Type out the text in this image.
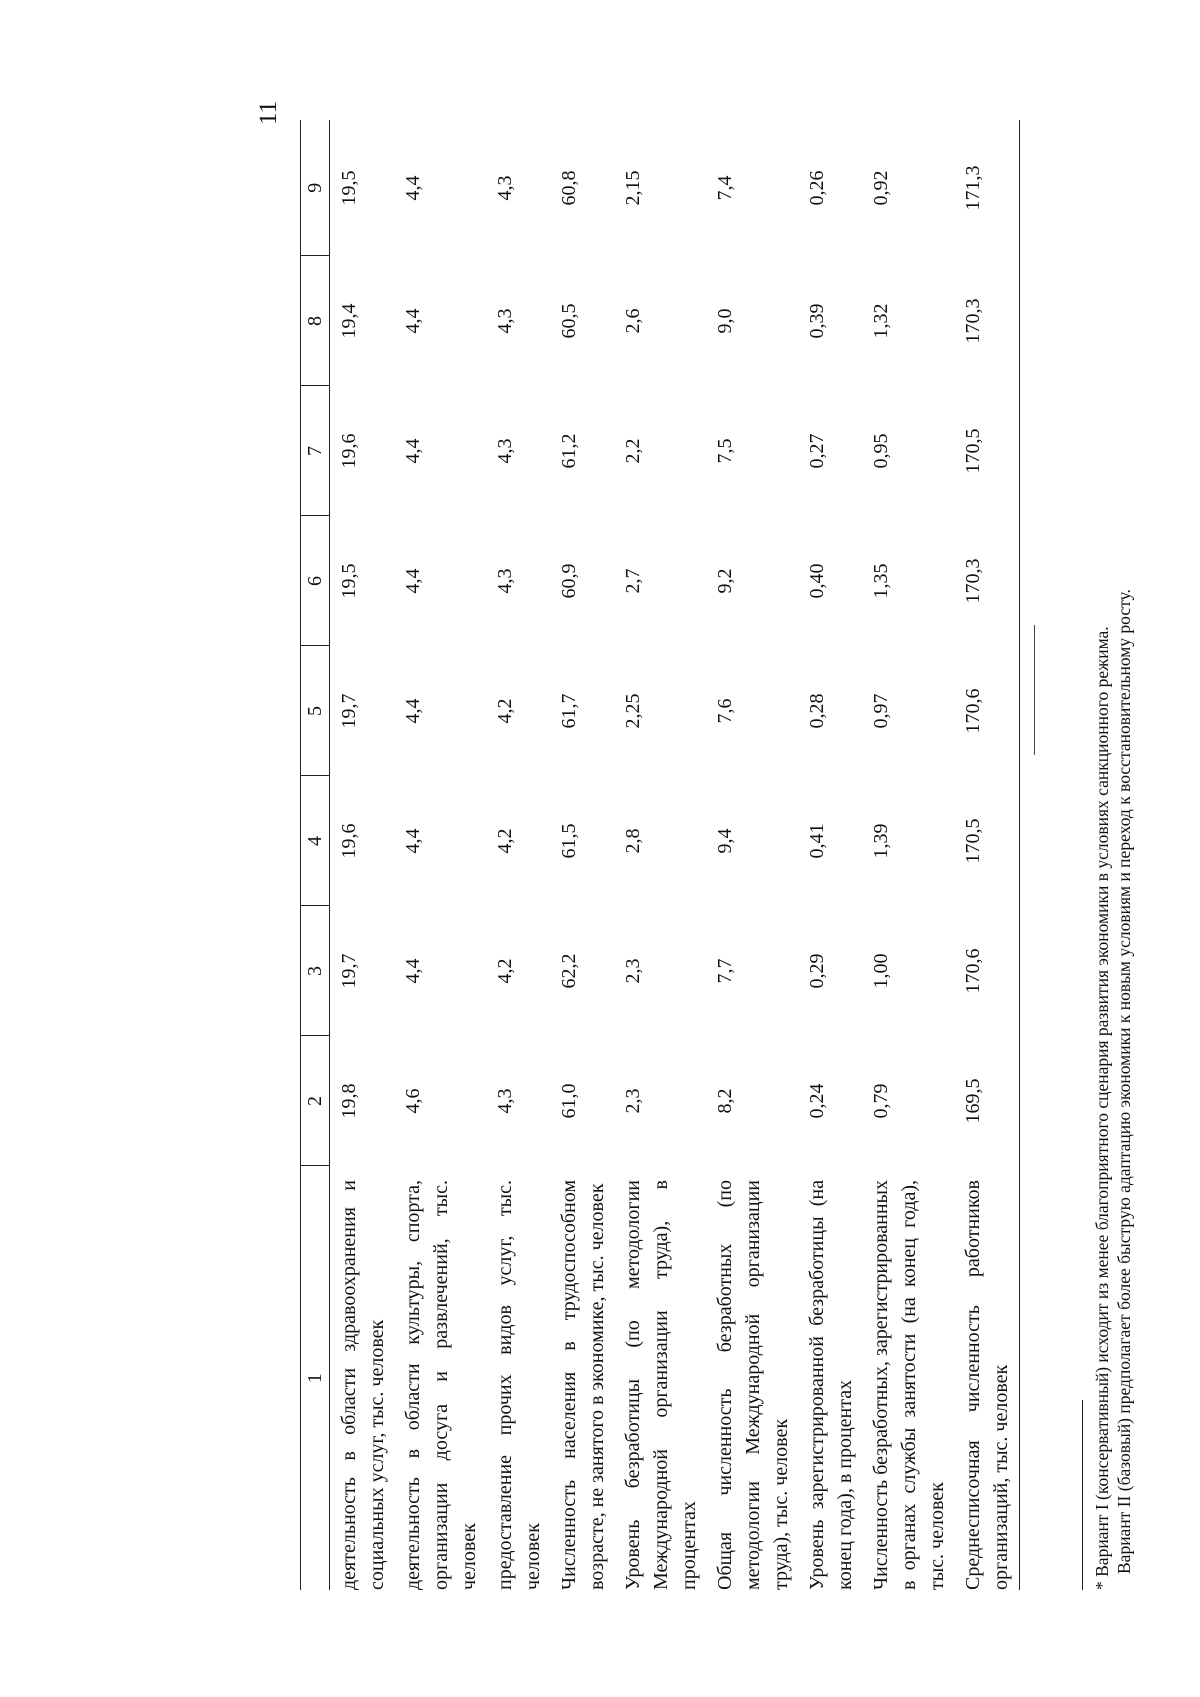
11

1	2	3	4	5	6	7	8	9
деятельность в области здравоохранения и социальных услуг, тыс. человек	19,8	19,7	19,6	19,7	19,5	19,6	19,4	19,5
деятельность в области культуры, спорта, организации досуга и развлечений, тыс. человек	4,6	4,4	4,4	4,4	4,4	4,4	4,4	4,4
предоставление прочих видов услуг, тыс. человек	4,3	4,2	4,2	4,2	4,3	4,3	4,3	4,3
Численность населения в трудоспособном возрасте, не занятого в экономике, тыс. человек	61,0	62,2	61,5	61,7	60,9	61,2	60,5	60,8
Уровень безработицы (по методологии Международной организации труда), в процентах	2,3	2,3	2,8	2,25	2,7	2,2	2,6	2,15
Общая численность безработных (по методологии Международной организации труда), тыс. человек	8,2	7,7	9,4	7,6	9,2	7,5	9,0	7,4
Уровень зарегистрированной безработицы (на конец года), в процентах	0,24	0,29	0,41	0,28	0,40	0,27	0,39	0,26
Численность безработных, зарегистрированных в органах службы занятости (на конец года), тыс. человек	0,79	1,00	1,39	0,97	1,35	0,95	1,32	0,92
Среднесписочная численность работников организаций, тыс. человек	169,5	170,6	170,5	170,6	170,3	170,5	170,3	171,3

* Вариант I (консервативный) исходит из менее благоприятного сценария развития экономики в условиях санкционного режима. Вариант II (базовый) предполагает более быструю адаптацию экономики к новым условиям и переход к восстановительному росту.
